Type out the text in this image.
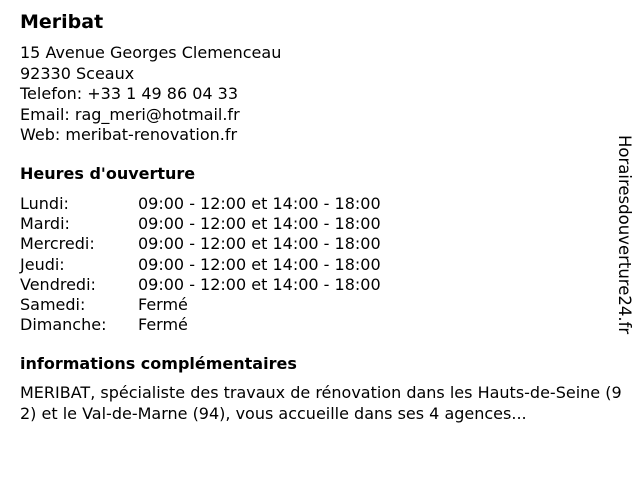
Meribat
15 Avenue Georges Clemenceau
92330 Sceaux
Telefon: +33 1 49 86 04 33
Email: rag_meri@hotmail.fr
Web: meribat-renovation.fr
Heures d'ouverture
Lundi:	09:00 - 12:00 et 14:00 - 18:00
Mardi:	09:00 - 12:00 et 14:00 - 18:00
Mercredi:	09:00 - 12:00 et 14:00 - 18:00
Jeudi:	09:00 - 12:00 et 14:00 - 18:00
Vendredi:	09:00 - 12:00 et 14:00 - 18:00
Samedi:	Fermé
Dimanche:	Fermé
informations complémentaires

MERIBAT, spécialiste des travaux de rénovation dans les Hauts-de-Seine (92) et le Val-de-Marne (94), vous accueille dans ses 4 agences...

Horairesdouverture24.fr
